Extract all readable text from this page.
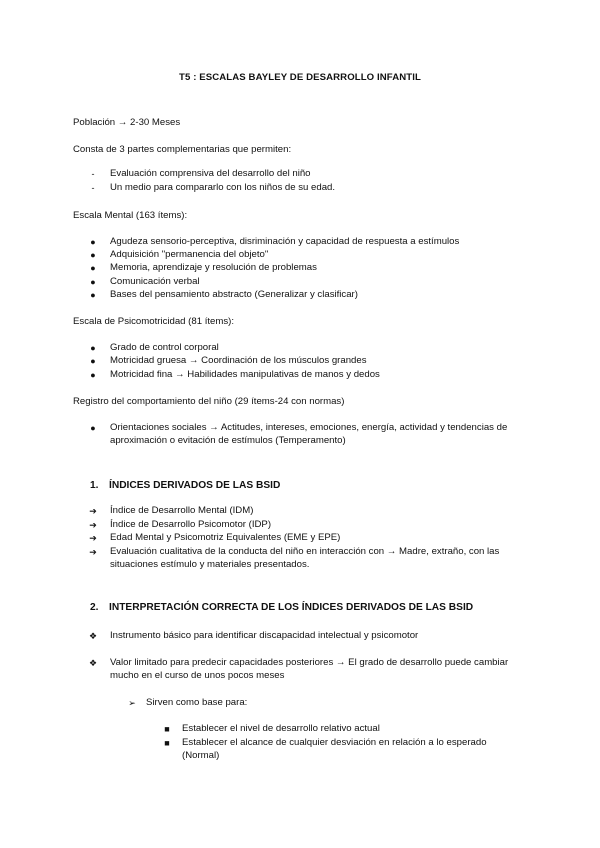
T5 : ESCALAS BAYLEY DE DESARROLLO INFANTIL
Población → 2-30 Meses
Consta de 3 partes complementarias que permiten:
-	Evaluación comprensiva del desarrollo del niño
-	Un medio para compararlo con los niños de su edad.
Escala Mental (163 ítems):
●	Agudeza sensorio-perceptiva, disriminación y capacidad de respuesta a estímulos
●	Adquisición "permanencia del objeto"
●	Memoria, aprendizaje y resolución de problemas
●	Comunicación verbal
●	Bases del pensamiento abstracto (Generalizar y clasificar)
Escala de Psicomotricidad (81 ítems):
●	Grado de control corporal
●	Motricidad gruesa → Coordinación de los músculos grandes
●	Motricidad fina → Habilidades manipulativas de manos y dedos
Registro del comportamiento del niño (29 ítems-24 con normas)
●	Orientaciones sociales → Actitudes, intereses, emociones, energía, actividad y tendencias de
aproximación o evitación de estímulos (Temperamento)
1. ÍNDICES DERIVADOS DE LAS BSID
➔	Índice de Desarrollo Mental (IDM)
➔	Índice de Desarrollo Psicomotor (IDP)
➔	Edad Mental y Psicomotriz Equivalentes (EME y EPE)
➔	Evaluación cualitativa de la conducta del niño en interacción con → Madre, extraño, con las
situaciones estímulo y materiales presentados.
2. INTERPRETACIÓN CORRECTA DE LOS ÍNDICES DERIVADOS DE LAS BSID
❖	Instrumento básico para identificar discapacidad intelectual y psicomotor
❖	Valor limitado para predecir capacidades posteriores → El grado de desarrollo puede cambiar
mucho en el curso de unos pocos meses
➢	Sirven como base para:
■	Establecer el nivel de desarrollo relativo actual
■	Establecer el alcance de cualquier desviación en relación a lo esperado
(Normal)
